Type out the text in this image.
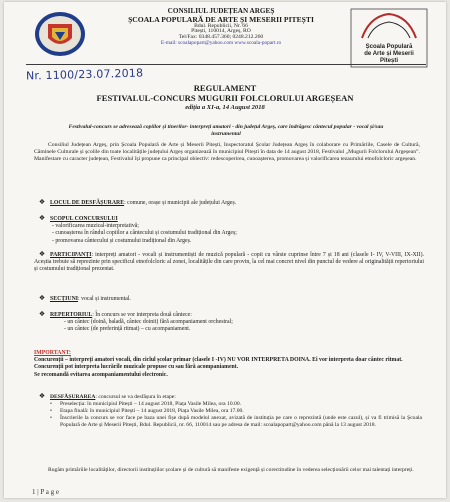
CONSILIUL JUDEȚEAN ARGEȘ
ȘCOALA POPULARĂ DE ARTE ȘI MESERII PITEȘTI
Bdul. Republicii, Nr. 66
Pitești, 110014, Argeș, RO
Tel/Fax: 0348.457.360; 0248.212.260
E-mail: scoalapopart@yahoo.com www.scoala-popart.ro
Școala Populară
de Arte și Meserii
Pitești
Nr. 1100/23.07.2018
REGULAMENT
FESTIVALUL-CONCURS MUGURII FOLCLORULUI ARGEȘEAN
ediția a XI-a, 14 August 2018
Festivalul-concurs se adresează copiilor și tinerilor- interpreți amatori - din județul Argeș, care îndrăgesc cântecul popular - vocal și/sau instrumental
Consiliul Județean Argeș, prin Școala Populară de Arte și Meserii Pitești, Inspectoratul Școlar Județean Argeș în colaborare cu Primăriile, Casele de Cultură, Căminele Culturale și școlile din toate localitățile județului Argeș organizează în municipiul Pitești în data de 14 august 2018, Festivalul „Mugurii Folclorului Argeșean”. Manifestare cu caracter județean, Festivalul își propune ca principal obiectiv: redescoperirea, cunoașterea, promovarea și valorificarea tezaurului etnofolcloric argeșean.
❖ LOCUL DE DESFĂȘURARE: comune, orașe și municipii ale județului Argeș.
❖ SCOPUL CONCURSULUI
- valorificarea muzical-interpretativă;
- cunoașterea în rândul copiilor a cântecului și costumului tradițional din Argeș;
- promovarea cântecului și costumului tradițional din Argeș.
❖ PARTICIPANȚI: interpreți amatori - vocali și instrumentiști de muzică populară - copii cu vârste cuprinse între 7 și 18 ani (clasele I- IV, V-VIII, IX-XII). Aceștia trebuie să reprezinte prin specificul etnofolcloric al zonei, localitățile din care provin, la cel mai concret nivel din punctul de vedere al originalității repertoriului și costumului tradițional prezentat.
❖ SECȚIUNI: vocal și instrumental.
❖ REPERTORIUL: În concurs se vor interpreta două cântece:
- un cântec (doină, baladă, cântec doinit) fără acompaniament orchestral;
- un cântec (de preferință ritmat) – cu acompaniament.
IMPORTANT:
Concurenții – interpreți amatori vocali, din ciclul școlar primar (clasele I -IV) NU VOR INTERPRETA DOINA. Ei vor interpreta doar cântec ritmat.
Concurenții pot interpreta lucrările muzicale propuse cu sau fără acompaniament.
Se recomandă evitarea acompaniamentului electronic.
❖ DESFĂȘURAREA: concursul se va desfășura în etape:
• Preselecția: în municipiul Pitești – 14 august 2018, Piața Vasile Milea, ora 10.00.
• Etapa finală: în municipiul Pitești – 14 august 2018, Piața Vasile Milea, ora 17.00.
• Înscrierile la concurs se vor face pe baza unei fișe după modelul anexat, avizată de instituția pe care o reprezintă (unde este cazul), și va fi trimisă la Școala Populară de Arte și Meserii Pitești, Bdul. Republicii, nr. 66, 110014 sau pe adresa de mail: scoalapopart@yahoo.com până la 13 august 2018.
Rugăm primăriile localităților, directorii instituțiilor școlare și de cultură să manifeste exigență și corectitudine în vederea selecționării celor mai talentați interpreți.
1 | P a g e
